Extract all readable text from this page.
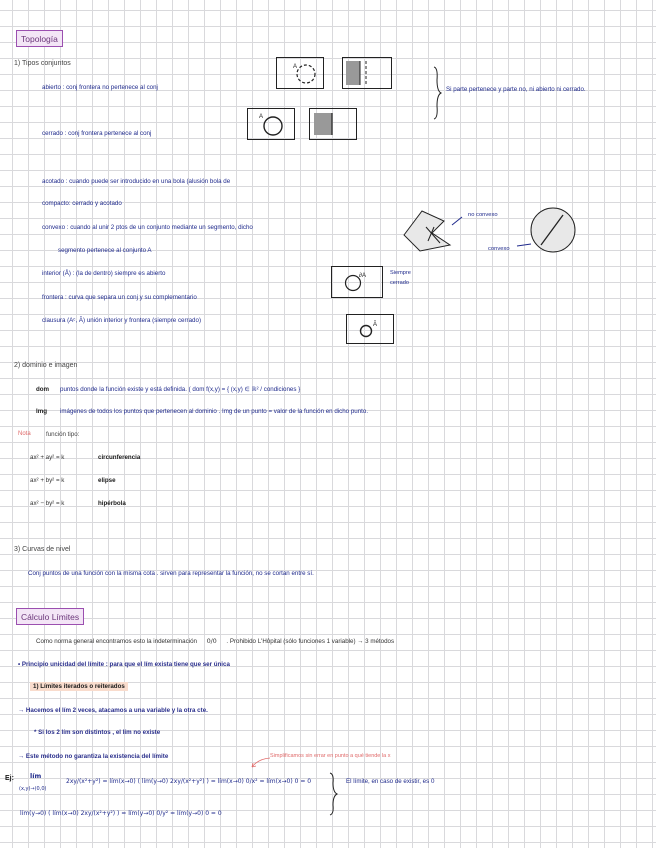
Topología
1) Tipos conjuntos
abierto : conj frontera no pertenece al conj
A
Si parte pertenece y parte no, ni abierto ni cerrado.
cerrado : conj frontera pertenece al conj
A
acotado : cuando puede ser introducido en una bola (alusión bola de
compacto: cerrado y acotado
convexo : cuando al unir 2 ptos de un conjunto mediante un segmento, dicho
segmento pertenece al conjunto A
no convexo
convexo
interior (Å) : (la de dentro) siempre es abierto	∂A	Siempre cerrado
frontera : curva que separa un conj y su complementario
clausura (Aᶜ, Ā) unión interior y frontera (siempre cerrado)
Ā
2) dominio e imagen
dom puntos donde la función existe y está definida. ( dom f(x,y) = { (x,y) ∈ ℝ² / condiciones }
Img imágenes de todos los puntos que pertenecen al dominio . Img de un punto = valor de la función en dicho punto.
Nota función tipo:
ax² + ay² = k	circunferencia
ax² + by² = k	elipse
ax² − by² = k	hipérbola
3) Curvas de nivel
Conj puntos de una función con la misma cota . sirven para representar la función, no se cortan entre sí.
Cálculo Límites
Como norma general encontramos esto la indeterminación 0/0 . Prohibido L'Hôpital (sólo funciones 1 variable) → 3 métodos
• Principio unicidad del límite : para que el lím exista tiene que ser única
1) Límites iterados o reiterados
→ Hacemos el lím 2 veces, atacamos a una variable y la otra cte.
* Si los 2 lím son distintos , el lím no existe
→ Este método no garantiza la existencia del límite	Simplificamos sin errar en punto a qué tiende la x
Ej: lím
(x,y)→(0,0)
2xy/(x²+y²) = lím(x→0) ( lím(y→0) 2xy/(x²+y²) ) = lím(x→0) 0/x² = lím(x→0) 0 = 0
lím(y→0) ( lím(x→0) 2xy/(x²+y²) ) = lím(y→0) 0/y² = lím(y→0) 0 = 0
El límite, en caso de existir, es 0
